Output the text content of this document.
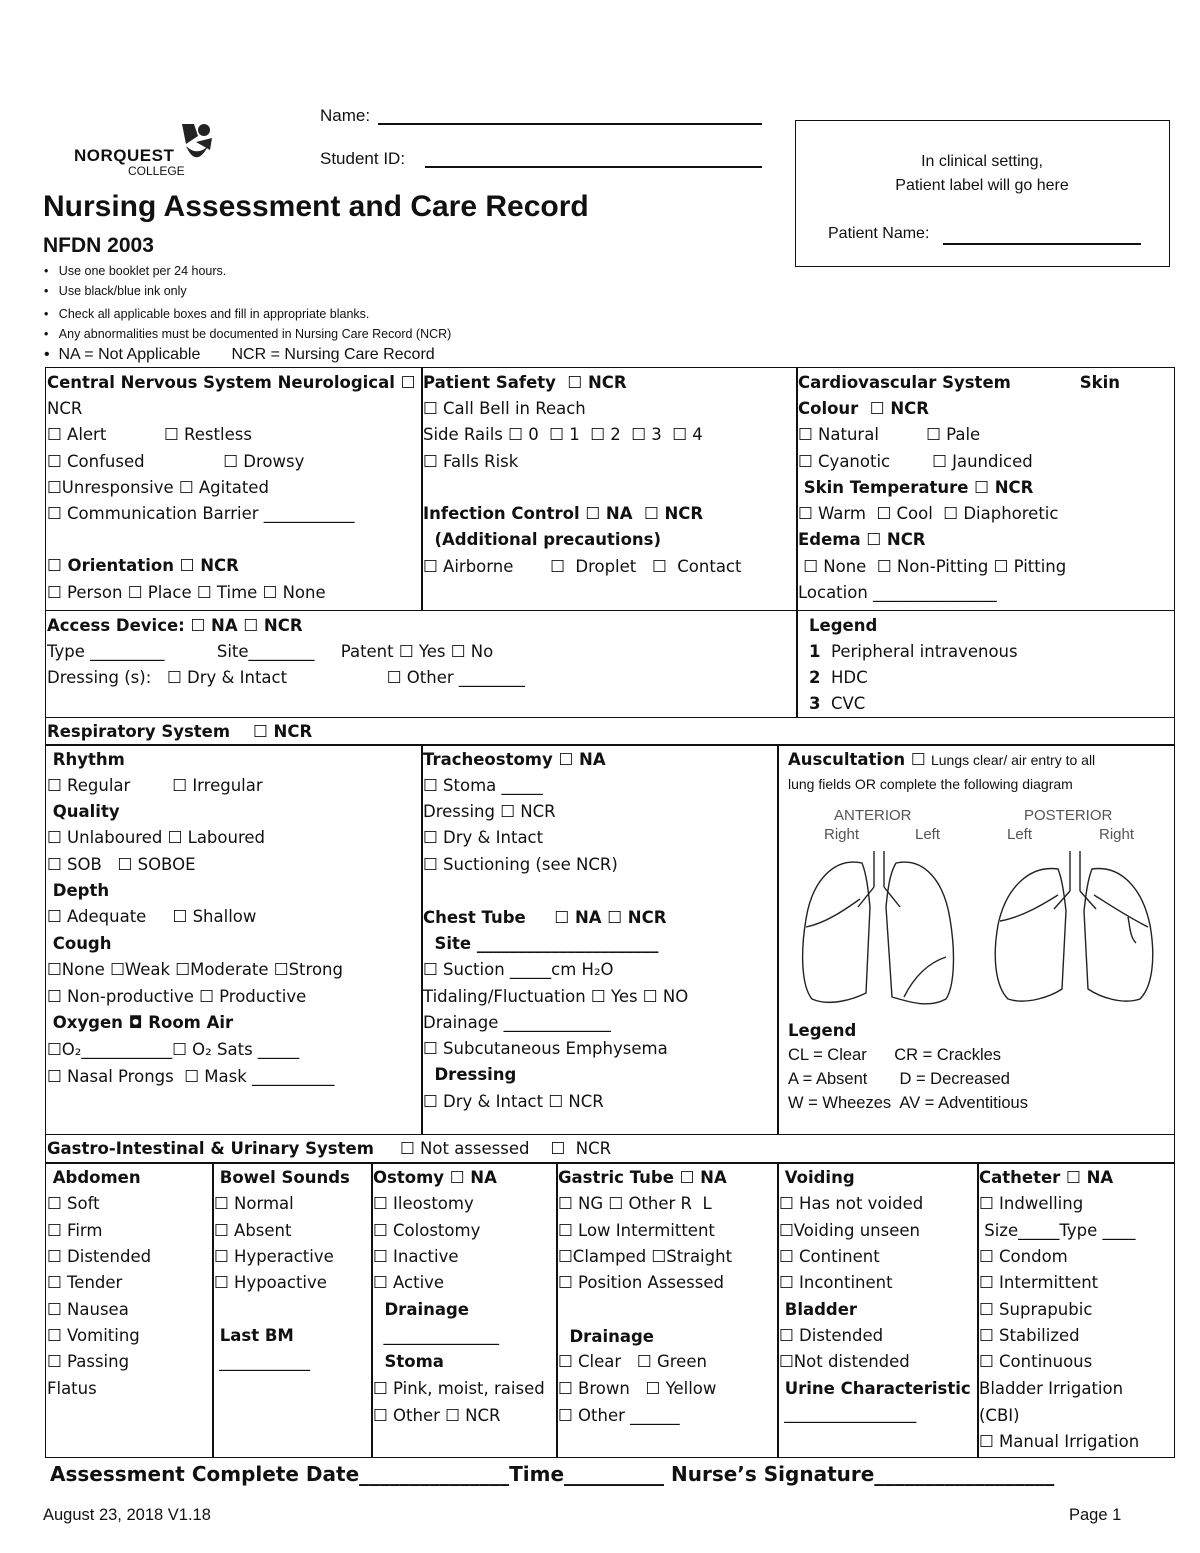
NORQUEST
COLLEGE
Name:
Student ID:	In clinical setting,
Patient label will go here
Patient Name:
Nursing Assessment and Care Record
NFDN 2003
•   Use one booklet per 24 hours.
•   Use black/blue ink only
•   Check all applicable boxes and fill in appropriate blanks.
•   Any abnormalities must be documented in Nursing Care Record (NCR)
•  NA = Not Applicable       NCR = Nursing Care Record
Central Nervous System Neurological ☐
NCR
☐ Alert           ☐ Restless
☐ Confused               ☐ Drowsy
☐Unresponsive ☐ Agitated
☐ Communication Barrier ___________
☐ Orientation ☐ NCR
☐ Person ☐ Place ☐ Time ☐ None
Patient Safety  ☐ NCR
☐ Call Bell in Reach
Side Rails ☐ 0  ☐ 1  ☐ 2  ☐ 3  ☐ 4
☐ Falls Risk
Infection Control ☐ NA  ☐ NCR
(Additional precautions)
☐ Airborne       ☐  Droplet   ☐  Contact
Cardiovascular System            Skin
Colour  ☐ NCR
☐ Natural         ☐ Pale
☐ Cyanotic        ☐ Jaundiced
Skin Temperature ☐ NCR
☐ Warm  ☐ Cool  ☐ Diaphoretic
Edema ☐ NCR
☐ None  ☐ Non-Pitting ☐ Pitting
Location _______________
Access Device: ☐ NA ☐ NCR
Type _________          Site________     Patent ☐ Yes ☐ No
Dressing (s):   ☐ Dry & Intact                   ☐ Other ________
Legend
1 Peripheral intravenous
2 HDC
3 CVC
Respiratory System    ☐ NCR
Rhythm
☐ Regular        ☐ Irregular
Quality
☐ Unlaboured ☐ Laboured
☐ SOB   ☐ SOBOE
Depth
☐ Adequate     ☐ Shallow
Cough
☐None ☐Weak ☐Moderate ☐Strong
☐ Non-productive ☐ Productive
Oxygen ◘ Room Air
☐O₂___________☐ O₂ Sats _____
☐ Nasal Prongs  ☐ Mask __________
Tracheostomy ☐ NA
☐ Stoma _____
Dressing ☐ NCR
☐ Dry & Intact
☐ Suctioning (see NCR)
Chest Tube     ☐ NA ☐ NCR
Site ______________________
☐ Suction _____cm H₂O
Tidaling/Fluctuation ☐ Yes ☐ NO
Drainage _____________
☐ Subcutaneous Emphysema
Dressing
☐ Dry & Intact ☐ NCR
Auscultation ☐ Lungs clear/ air entry to all
lung fields OR complete the following diagram
ANTERIOR	POSTERIOR
Right	Left	Left	Right
Legend
CL = Clear      CR = Crackles
A = Absent       D = Decreased
W = Wheezes  AV = Adventitious
Gastro-Intestinal & Urinary System ☐ Not assessed    ☐  NCR
Abdomen
☐ Soft
☐ Firm
☐ Distended
☐ Tender
☐ Nausea
☐ Vomiting
☐ Passing
Flatus
Bowel Sounds
☐ Normal
☐ Absent
☐ Hyperactive
☐ Hypoactive
Last BM
___________
Ostomy ☐ NA
☐ Ileostomy
☐ Colostomy
☐ Inactive
☐ Active
Drainage
______________
Stoma
☐ Pink, moist, raised
☐ Other ☐ NCR
Gastric Tube ☐ NA
☐ NG ☐ Other R  L
☐ Low Intermittent
☐Clamped ☐Straight
☐ Position Assessed
Drainage
☐ Clear   ☐ Green
☐ Brown   ☐ Yellow
☐ Other ______
Voiding
☐ Has not voided
☐Voiding unseen
☐ Continent
☐ Incontinent
Bladder
☐ Distended
☐Not distended
Urine Characteristic
________________
Catheter ☐ NA
☐ Indwelling
Size_____Type ____
☐ Condom
☐ Intermittent
☐ Suprapubic
☐ Stabilized
☐ Continuous
Bladder Irrigation
(CBI)
☐ Manual Irrigation
Assessment Complete Date_______________Time__________ Nurse’s Signature__________________
August 23, 2018 V1.18	Page 1
